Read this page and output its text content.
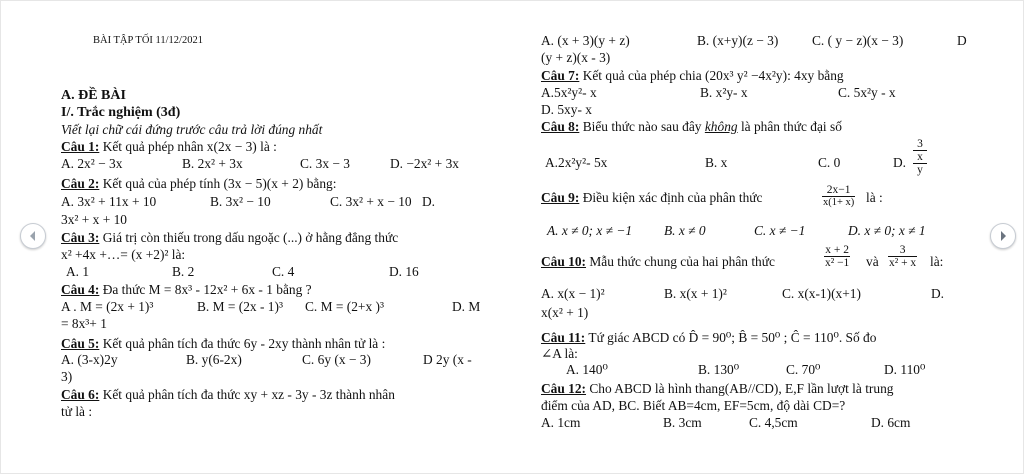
BÀI TẬP TỐI 11/12/2021
A. ĐỀ BÀI
I/. Trắc nghiệm (3đ)
Viết lại chữ cái đứng trước câu trả lời đúng nhất
Câu 1: Kết quả phép nhân x(2x − 3) là :
A. 2x² − 3x	B. 2x² + 3x	C. 3x − 3	D. −2x² + 3x
Câu 2: Kết quả của phép tính (3x − 5)(x + 2) bằng:
A. 3x² + 11x + 10	B. 3x² − 10	C. 3x² + x − 10 D.
3x² + x + 10
Câu 3: Giá trị còn thiếu trong dấu ngoặc (...) ở hằng đẳng thức
x² +4x +…= (x +2)² là:
A. 1	B. 2	C. 4	D. 16
Câu 4: Đa thức M = 8x³ - 12x² + 6x - 1 bằng ?
A . M = (2x + 1)³	B. M = (2x - 1)³ C. M = (2+x )³	D. M
= 8x³+ 1
Câu 5: Kết quả phân tích đa thức 6y - 2xy thành nhân tử là :
A. (3-x)2y	B. y(6-2x)	C. 6y (x − 3)	D 2y (x -
3)
Câu 6: Kết quả phân tích đa thức xy + xz - 3y - 3z thành nhân
tử là :
A. (x + 3)(y + z)	B. (x+y)(z − 3)	C. ( y − z)(x − 3)	D
(y + z)(x - 3)
Câu 7: Kết quả của phép chia (20x³ y² −4x²y): 4xy bằng
A.5x²y²- x	B. x²y- x	C. 5x²y - x
D. 5xy- x
Câu 8: Biểu thức nào sau đây không là phân thức đại số
A.2x²y²- 5x	B. x	C. 0	D.
3
x
y
Câu 9: Điều kiện xác định của phân thức	$\frac{2x-1}{x(1+ x)}$ là :
A. x ≠ 0; x ≠ −1 B. x ≠ 0	C. x ≠ −1	D. x ≠ 0; x ≠ 1
Câu 10: Mẫu thức chung của hai phân thức	$\frac{x + 2}{\text{x² −1}}$ và $\frac{3}{\text{x² + x}}$ là:
A. x(x − 1)²	B. x(x + 1)²	C. x(x-1)(x+1)	D.
x(x² + 1)
Câu 11: Tứ giác ABCD có D̂ = 90⁰; B̂ = 50⁰ ; Ĉ = 110⁰. Số đo
∠A là:
A. 140⁰	B. 130⁰	C. 70⁰	D. 110⁰
Câu 12: Cho ABCD là hình thang(AB//CD), E,F lần lượt là trung
điểm của AD, BC. Biết AB=4cm, EF=5cm, độ dài CD=?
A. 1cm	B. 3cm	C. 4,5cm	D. 6cm
